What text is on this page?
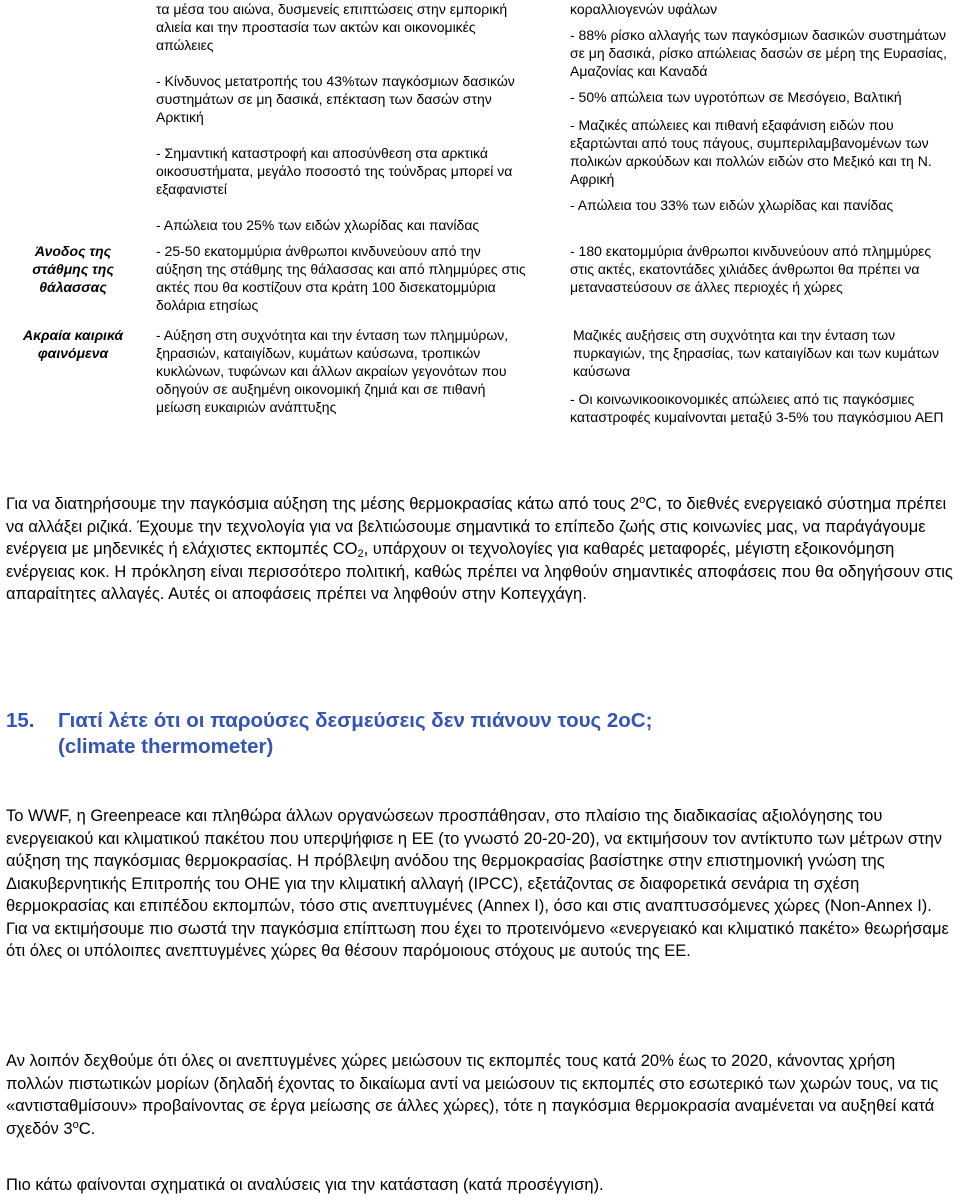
τα μέσα του αιώνα, δυσμενείς επιπτώσεις στην εμπορική αλιεία και την προστασία των ακτών και οικονομικές απώλειες

- Κίνδυνος μετατροπής του 43%των παγκόσμιων δασικών συστημάτων σε μη δασικά, επέκταση των δασών στην Αρκτική

- Σημαντική καταστροφή και αποσύνθεση στα αρκτικά οικοσυστήματα, μεγάλο ποσοστό της τούνδρας μπορεί να εξαφανιστεί

- Απώλεια του 25% των ειδών χλωρίδας και πανίδας

κοραλλιογενών υφάλων

- 88% ρίσκο αλλαγής των παγκόσμιων δασικών συστημάτων σε μη δασικά, ρίσκο απώλειας δασών σε μέρη της Ευρασίας, Αμαζονίας και Καναδά

- 50% απώλεια των υγροτόπων σε Μεσόγειο, Βαλτική

- Μαζικές απώλειες και πιθανή εξαφάνιση ειδών που εξαρτώνται από τους πάγους, συμπεριλαμβανομένων των πολικών αρκούδων και πολλών ειδών στο Μεξικό και τη Ν. Αφρική

- Απώλεια του 33% των ειδών χλωρίδας και πανίδας

Άνοδος της

στάθμης της

θάλασσας

- 25-50 εκατομμύρια άνθρωποι κινδυνεύουν από την αύξηση της στάθμης της θάλασσας και από πλημμύρες στις ακτές που θα κοστίζουν στα κράτη 100 δισεκατομμύρια δολάρια ετησίως

- 180 εκατομμύρια άνθρωποι κινδυνεύουν από πλημμύρες στις ακτές, εκατοντάδες χιλιάδες άνθρωποι θα πρέπει να μεταναστεύσουν σε άλλες περιοχές ή χώρες

Ακραία καιρικά

φαινόμενα

- Αύξηση στη συχνότητα και την ένταση των πλημμύρων, ξηρασιών, καταιγίδων, κυμάτων καύσωνα, τροπικών κυκλώνων, τυφώνων και άλλων ακραίων γεγονότων που οδηγούν σε αυξημένη οικονομική ζημιά και σε πιθανή μείωση ευκαιριών ανάπτυξης

Μαζικές αυξήσεις στη συχνότητα και την ένταση των πυρκαγιών, της ξηρασίας, των καταιγίδων και των κυμάτων καύσωνα

- Οι κοινωνικοοικονομικές απώλειες από τις παγκόσμιες καταστροφές κυμαίνονται μεταξύ 3-5% του παγκόσμιου ΑΕΠ

Για να διατηρήσουμε την παγκόσμια αύξηση της μέσης θερμοκρασίας κάτω από τους 2$^o$C, το διεθνές ενεργειακό σύστημα πρέπει να αλλάξει ριζικά. Έχουμε την τεχνολογία για να βελτιώσουμε σημαντικά το επίπεδο ζωής στις κοινωνίες μας, να παράγάγουμε ενέργεια με μηδενικές ή ελάχιστες εκπομπές $CO_2$, υπάρχουν οι τεχνολογίες για καθαρές μεταφορές, μέγιστη εξοικονόμηση ενέργειας κοκ. Η πρόκληση είναι περισσότερο πολιτική, καθώς πρέπει να ληφθούν σημαντικές αποφάσεις που θα οδηγήσουν στις απαραίτητες αλλαγές. Αυτές οι αποφάσεις πρέπει να ληφθούν στην Κοπεγχάγη.

15. Γιατί λέτε ότι οι παρούσες δεσμεύσεις δεν πιάνουν τους 2οC;
(climate thermometer)

Το WWF, η Greenpeace και πληθώρα άλλων οργανώσεων προσπάθησαν, στο πλαίσιο της διαδικασίας αξιολόγησης του ενεργειακού και κλιματικού πακέτου που υπερψήφισε η ΕΕ (το γνωστό 20-20-20), να εκτιμήσουν τον αντίκτυπο των μέτρων στην αύξηση της παγκόσμιας θερμοκρασίας. Η πρόβλεψη ανόδου της θερμοκρασίας βασίστηκε στην επιστημονική γνώση της Διακυβερνητικής Επιτροπής του ΟΗΕ για την κλιματική αλλαγή (IPCC), εξετάζοντας σε διαφορετικά σενάρια τη σχέση θερμοκρασίας και επιπέδου εκπομπών, τόσο στις ανεπτυγμένες (Annex I), όσο και στις αναπτυσσόμενες χώρες (Non-Annex I). Για να εκτιμήσουμε πιο σωστά την παγκόσμια επίπτωση που έχει το προτεινόμενο «ενεργειακό και κλιματικό πακέτο» θεωρήσαμε ότι όλες οι υπόλοιπες ανεπτυγμένες χώρες θα θέσουν παρόμοιους στόχους με αυτούς της ΕΕ.

Αν λοιπόν δεχθούμε ότι όλες οι ανεπτυγμένες χώρες μειώσουν τις εκπομπές τους κατά 20% έως το 2020, κάνοντας χρήση πολλών πιστωτικών μορίων (δηλαδή έχοντας το δικαίωμα αντί να μειώσουν τις εκπομπές στο εσωτερικό των χωρών τους, να τις «αντισταθμίσουν» προβαίνοντας σε έργα μείωσης σε άλλες χώρες), τότε η παγκόσμια θερμοκρασία αναμένεται να αυξηθεί κατά σχεδόν 3$^o$C.

Πιο κάτω φαίνονται σχηματικά οι αναλύσεις για την κατάσταση (κατά προσέγγιση).
